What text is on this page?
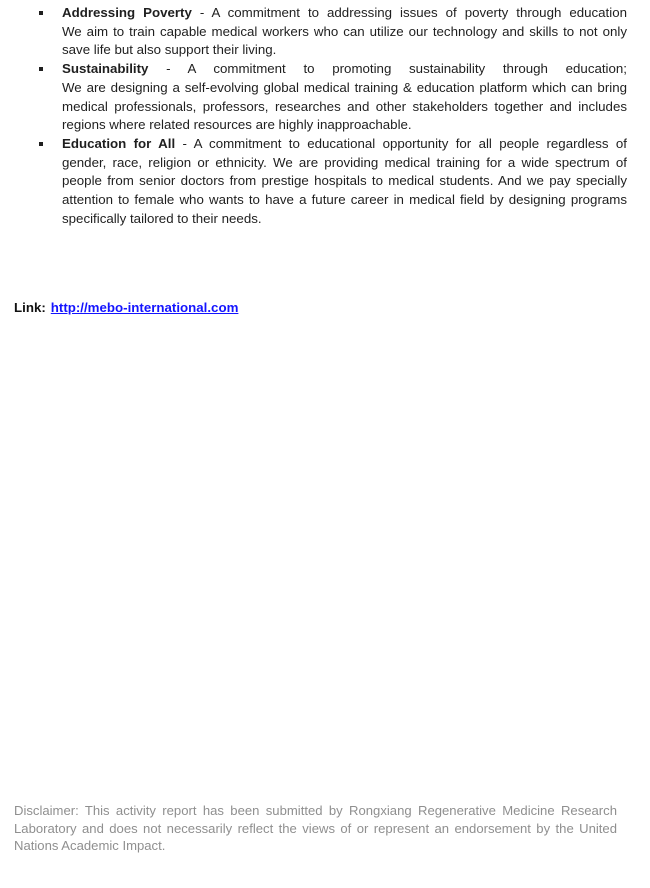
Addressing Poverty - A commitment to addressing issues of poverty through education
We aim to train capable medical workers who can utilize our technology and skills to not only save life but also support their living.
Sustainability - A commitment to promoting sustainability through education;
We are designing a self-evolving global medical training & education platform which can bring medical professionals, professors, researches and other stakeholders together and includes regions where related resources are highly inapproachable.
Education for All - A commitment to educational opportunity for all people regardless of gender, race, religion or ethnicity. We are providing medical training for a wide spectrum of people from senior doctors from prestige hospitals to medical students. And we pay specially attention to female who wants to have a future career in medical field by designing programs specifically tailored to their needs.
Link: http://mebo-international.com
Disclaimer: This activity report has been submitted by Rongxiang Regenerative Medicine Research Laboratory and does not necessarily reflect the views of or represent an endorsement by the United Nations Academic Impact.
